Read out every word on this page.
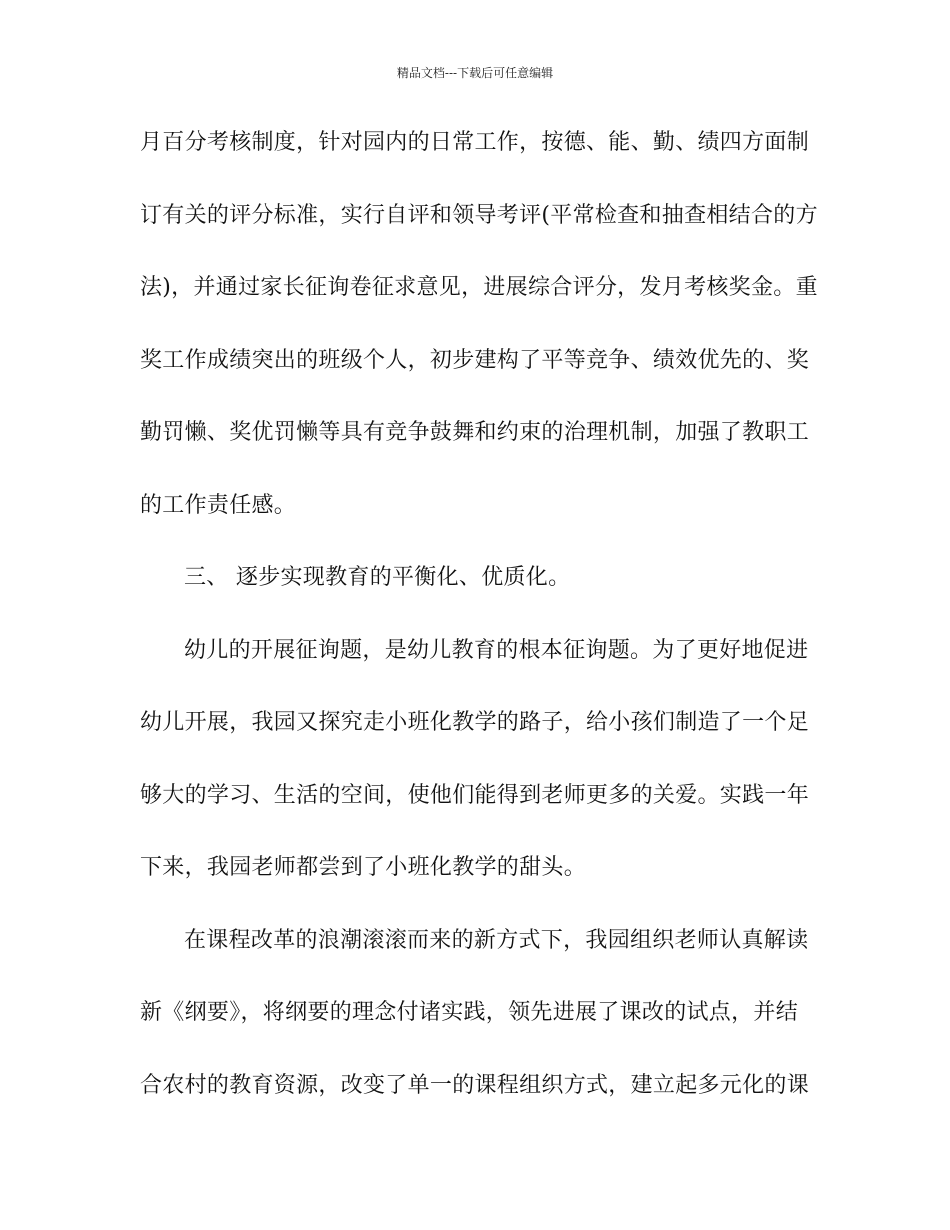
精品文档---下载后可任意编辑
月百分考核制度，针对园内的日常工作，按德、能、勤、绩四方面制
订有关的评分标准，实行自评和领导考评(平常检查和抽查相结合的方
法)，并通过家长征询卷征求意见，进展综合评分，发月考核奖金。重
奖工作成绩突出的班级个人，初步建构了平等竞争、绩效优先的、奖
勤罚懒、奖优罚懒等具有竞争鼓舞和约束的治理机制，加强了教职工
的工作责任感。
三、 逐步实现教育的平衡化、优质化。
幼儿的开展征询题，是幼儿教育的根本征询题。为了更好地促进
幼儿开展，我园又探究走小班化教学的路子，给小孩们制造了一个足
够大的学习、生活的空间，使他们能得到老师更多的关爱。实践一年
下来，我园老师都尝到了小班化教学的甜头。
在课程改革的浪潮滚滚而来的新方式下，我园组织老师认真解读
新《纲要》，将纲要的理念付诸实践，领先进展了课改的试点，并结
合农村的教育资源，改变了单一的课程组织方式，建立起多元化的课
